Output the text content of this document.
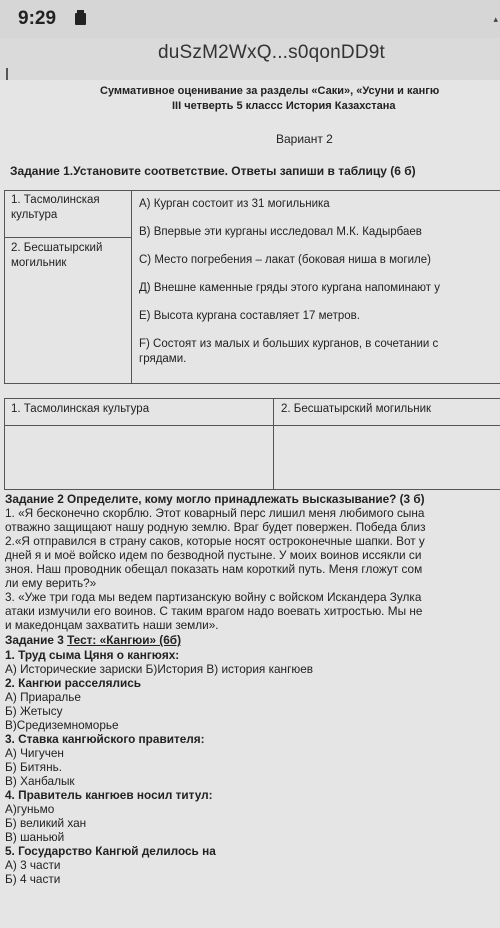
9:29	▴
duSzM2WxQ...s0qonDD9t
Суммативное оценивание за разделы «Саки», «Усуни и кангю
III четверть 5 классс История Казахстана
Вариант 2
Задание 1.Установите соответствие. Ответы запиши в таблицу (6 б)
1. Тасмолинская
культура
2. Бесшатырский
могильник
А) Курган состоит из 31 могильника
В) Впервые эти курганы исследовал М.К. Кадырбаев
С) Место погребения – лакат (боковая ниша в могиле)
Д) Внешне каменные гряды этого кургана напоминают у
Е) Высота кургана составляет 17 метров.
F) Состоят из малых и больших курганов, в сочетании с
грядами.
1. Тасмолинская культура	2. Бесшатырский могильник
Задание 2 Определите, кому могло принадлежать высказывание? (3 б)
1. «Я бесконечно скорблю. Этот коварный перс лишил меня любимого сына
отважно защищают нашу родную землю. Враг будет повержен. Победа близ
2.«Я отправился в страну саков, которые носят остроконечные шапки. Вот у
дней я и моё войско идем по безводной пустыне. У моих воинов иссякли си
зноя. Наш проводник обещал показать нам короткий путь. Меня гложут сом
ли ему верить?»
3. «Уже три года мы ведем партизанскую войну с войском Искандера Зулка
атаки измучили его воинов. С таким врагом надо воевать хитростью. Мы не
и македонцам захватить наши земли».
Задание 3 Тест: «Кангюи» (6б)
1. Труд сыма Цяня о кангюях:
А) Исторические зариски Б)История В) история кангюев
2. Кангюи расселялись
А) Приаралье
Б) Жетысу
В)Средиземноморье
3. Ставка кангюйского правителя:
А) Чигучен
Б) Битянь.
В) Ханбалык
4. Правитель кангюев носил титул:
А)гуньмо
Б) великий хан
В) шаньюй
5. Государство Кангюй делилось на
А) 3 части
Б) 4 части
